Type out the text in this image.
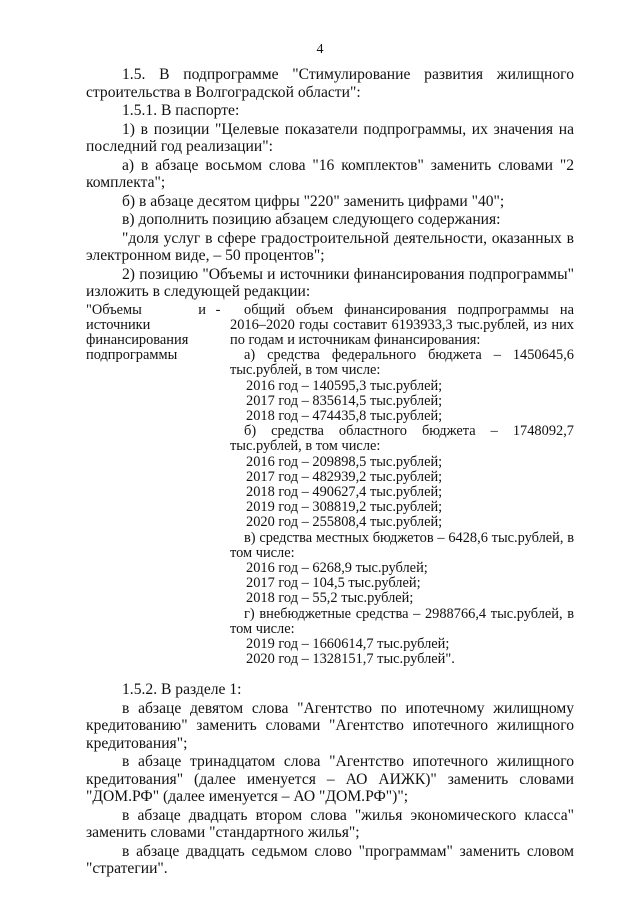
4

1.5. В подпрограмме "Стимулирование развития жилищного строительства в Волгоградской области":

1.5.1. В паспорте:

1) в позиции "Целевые показатели подпрограммы, их значения на последний год реализации":

а) в абзаце восьмом слова "16 комплектов" заменить словами "2 комплекта";

б) в абзаце десятом цифры "220" заменить цифрами "40";

в) дополнить позицию абзацем следующего содержания:

"доля услуг в сфере градостроительной деятельности, оказанных в электронном виде, – 50 процентов";

2) позицию "Объемы и источники финансирования подпрограммы" изложить в следующей редакции:

"Объемы и источники финансирования подпрограммы
-	общий объем финансирования подпрограммы на 2016–2020 годы составит 6193933,3 тыс.рублей, из них по годам и источникам финансирования:

а) средства федерального бюджета – 1450645,6 тыс.рублей, в том числе:

2016 год – 140595,3 тыс.рублей;

2017 год – 835614,5 тыс.рублей;

2018 год – 474435,8 тыс.рублей;

б) средства областного бюджета – 1748092,7 тыс.рублей, в том числе:

2016 год – 209898,5 тыс.рублей;

2017 год – 482939,2 тыс.рублей;

2018 год – 490627,4 тыс.рублей;

2019 год – 308819,2 тыс.рублей;

2020 год – 255808,4 тыс.рублей;

в) средства местных бюджетов – 6428,6 тыс.рублей, в том числе:

2016 год – 6268,9 тыс.рублей;

2017 год – 104,5 тыс.рублей;

2018 год – 55,2 тыс.рублей;

г) внебюджетные средства – 2988766,4 тыс.рублей, в том числе:

2019 год – 1660614,7 тыс.рублей;

2020 год – 1328151,7 тыс.рублей".

1.5.2. В разделе 1:

в абзаце девятом слова "Агентство по ипотечному жилищному кредитованию" заменить словами "Агентство ипотечного жилищного кредитования";

в абзаце тринадцатом слова "Агентство ипотечного жилищного кредитования" (далее именуется – АО АИЖК)" заменить словами "ДОМ.РФ" (далее именуется – АО "ДОМ.РФ")";

в абзаце двадцать втором слова "жилья экономического класса" заменить словами "стандартного жилья";

в абзаце двадцать седьмом слово "программам" заменить словом "стратегии".
